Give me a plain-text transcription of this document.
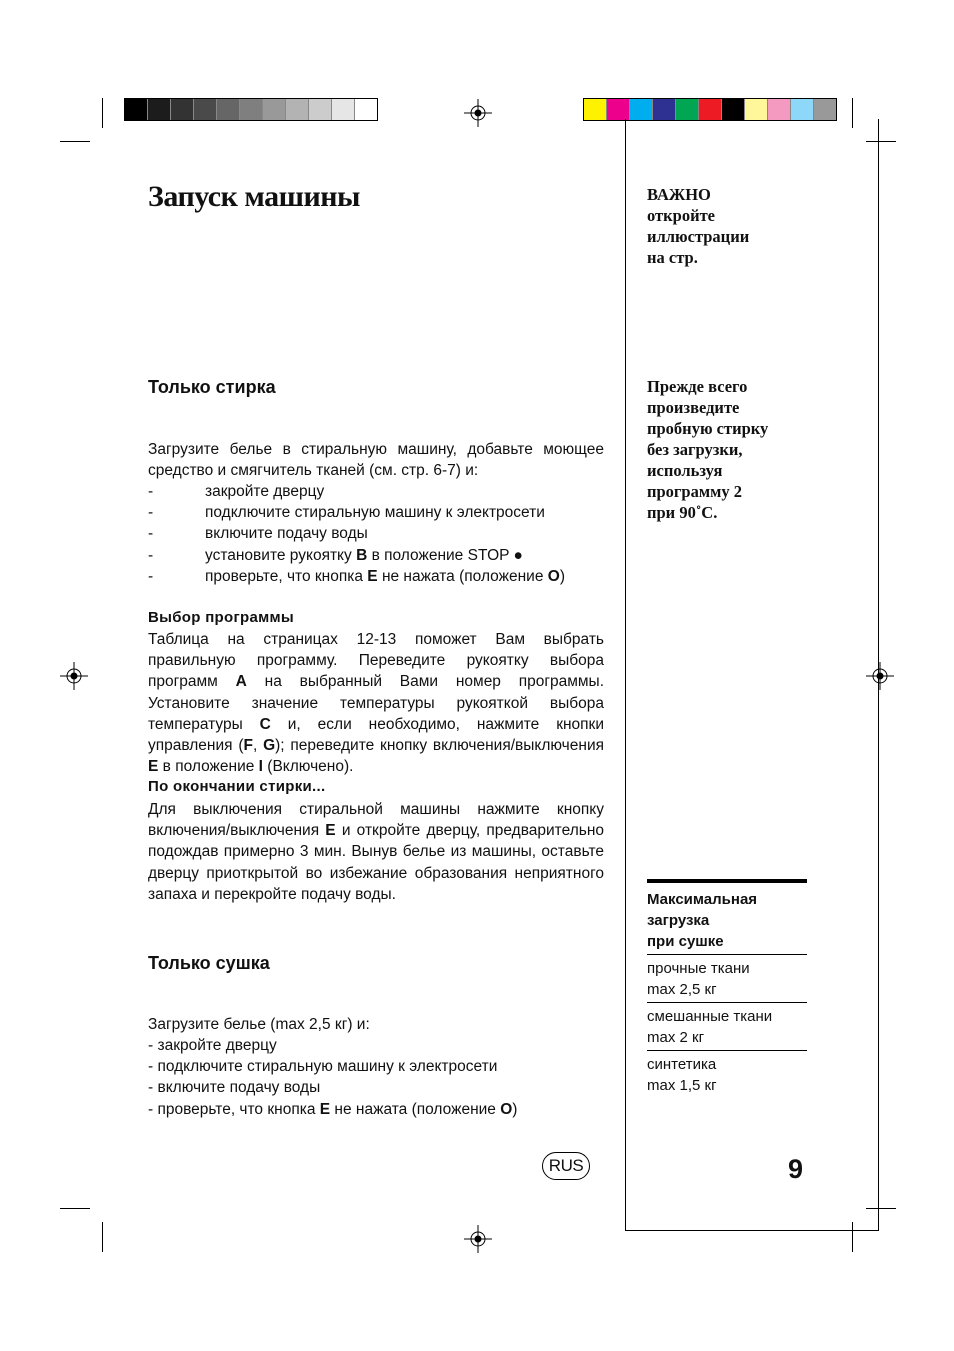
Запуск машины
Только стирка

Загрузите белье в стиральную машину, добавьте моющее средство и смягчитель тканей (см. стр. 6-7) и:

-	закройте дверцу
-	подключите стиральную машину к электросети
-	включите подачу воды
-	установите рукоятку B в положение STOP ●
-	проверьте, что кнопка E не нажата (положение O)
Выбор программы

Таблица на страницах 12-13 поможет Вам выбрать правильную программу. Переведите рукоятку выбора программ A на выбранный Вами номер программы. Установите значение температуры рукояткой выбора температуры C и, если необходимо, нажмите кнопки управления (F, G); переведите кнопку включения/выключения E в положение I (Включено).

По окончании стирки...

Для выключения стиральной машины нажмите кнопку включения/выключения E и откройте дверцу, предварительно подождав примерно 3 мин. Вынув белье из машины, оставьте дверцу приоткрытой во избежание образования неприятного запаха и перекройте подачу воды.

Только сушка

Загрузите белье (max 2,5 кг) и:

- закройте дверцу
- подключите стиральную машину к электросети
- включите подачу воды
- проверьте, что кнопка E не нажата (положение O)

ВАЖНО

откройте

иллюстрации

на стр.

Прежде всего

произведите

пробную стирку

без загрузки,

используя

программу 2

при 90˚С.

Максимальная
загрузка
при сушке
прочные ткани
max 2,5 кг
смешанные ткани
max 2 кг
синтетика
max 1,5 кг
RUS	9
